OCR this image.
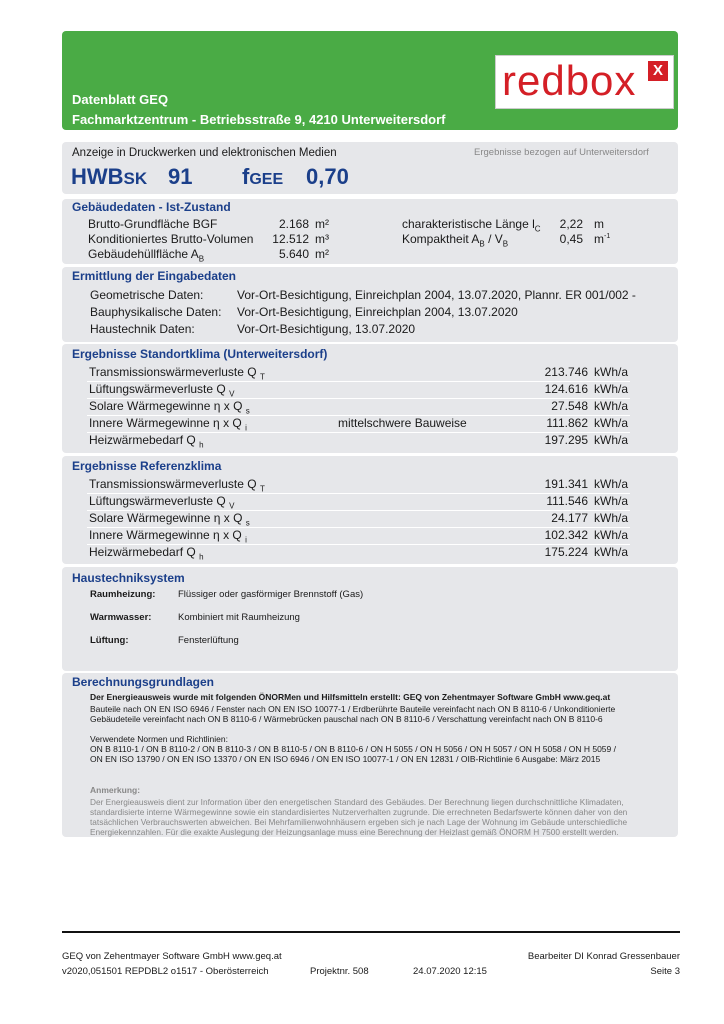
Datenblatt GEQ
Fachmarktzentrum - Betriebsstraße 9, 4210 Unterweitersdorf
redbox	X
Anzeige in Druckwerken und elektronischen Medien	Ergebnisse bezogen auf Unterweitersdorf
HWBSK 91 fGEE 0,70
Gebäudedaten - Ist-Zustand
Brutto-Grundfläche BGF	2.168 m²
Konditioniertes Brutto-Volumen	12.512 m³
Gebäudehüllfläche $A_B$	5.640 m²
charakteristische Länge $l_C$	2,22 m
Kompaktheit $A_B / V_B$	0,45 $m^{-1}$
Ermittlung der Eingabedaten
Geometrische Daten:	Vor-Ort-Besichtigung, Einreichplan 2004, 13.07.2020, Plannr. ER 001/002 -
Bauphysikalische Daten: Vor-Ort-Besichtigung, Einreichplan 2004, 13.07.2020
Haustechnik Daten:	Vor-Ort-Besichtigung, 13.07.2020
Ergebnisse Standortklima (Unterweitersdorf)
Transmissionswärmeverluste Q $_T$	213.746 kWh/a
Lüftungswärmeverluste Q $_V$	124.616 kWh/a
Solare Wärmegewinne η x Q $_s$	27.548 kWh/a
Innere Wärmegewinne η x Q $_i$	mittelschwere Bauweise	111.862 kWh/a
Heizwärmebedarf Q $_h$	197.295 kWh/a
Ergebnisse Referenzklima
Transmissionswärmeverluste Q $_T$	191.341 kWh/a
Lüftungswärmeverluste Q $_V$	111.546 kWh/a
Solare Wärmegewinne η x Q $_s$	24.177 kWh/a
Innere Wärmegewinne η x Q $_i$	102.342 kWh/a
Heizwärmebedarf Q $_h$	175.224 kWh/a
Haustechniksystem
Raumheizung: Flüssiger oder gasförmiger Brennstoff (Gas)
Warmwasser:	Kombiniert mit Raumheizung
Lüftung:	Fensterlüftung
Berechnungsgrundlagen
Der Energieausweis wurde mit folgenden ÖNORMen und Hilfsmitteln erstellt: GEQ von Zehentmayer Software GmbH www.geq.at
Bauteile nach ON EN ISO 6946 / Fenster nach ON EN ISO 10077-1 / Erdberührte Bauteile vereinfacht nach ON B 8110-6 / Unkonditionierte
Gebäudeteile vereinfacht nach ON B 8110-6 / Wärmebrücken pauschal nach ON B 8110-6 / Verschattung vereinfacht nach ON B 8110-6
Verwendete Normen und Richtlinien:
ON B 8110-1 / ON B 8110-2 / ON B 8110-3 / ON B 8110-5 / ON B 8110-6 / ON H 5055 / ON H 5056 / ON H 5057 / ON H 5058 / ON H 5059 /
ON EN ISO 13790 / ON EN ISO 13370 / ON EN ISO 6946 / ON EN ISO 10077-1 / ON EN 12831 / OIB-Richtlinie 6 Ausgabe: März 2015
Anmerkung:
Der Energieausweis dient zur Information über den energetischen Standard des Gebäudes. Der Berechnung liegen durchschnittliche Klimadaten,
standardisierte interne Wärmegewinne sowie ein standardisiertes Nutzerverhalten zugrunde. Die errechneten Bedarfswerte können daher von den
tatsächlichen Verbrauchswerten abweichen. Bei Mehrfamilienwohnhäusern ergeben sich je nach Lage der Wohnung im Gebäude unterschiedliche
Energiekennzahlen. Für die exakte Auslegung der Heizungsanlage muss eine Berechnung der Heizlast gemäß ÖNORM H 7500 erstellt werden.
GEQ von Zehentmayer Software GmbH www.geq.at
v2020,051501 REPDBL2 o1517 - Oberösterreich	Projektnr. 508	24.07.2020 12:15
Bearbeiter DI Konrad Gressenbauer
Seite 3
